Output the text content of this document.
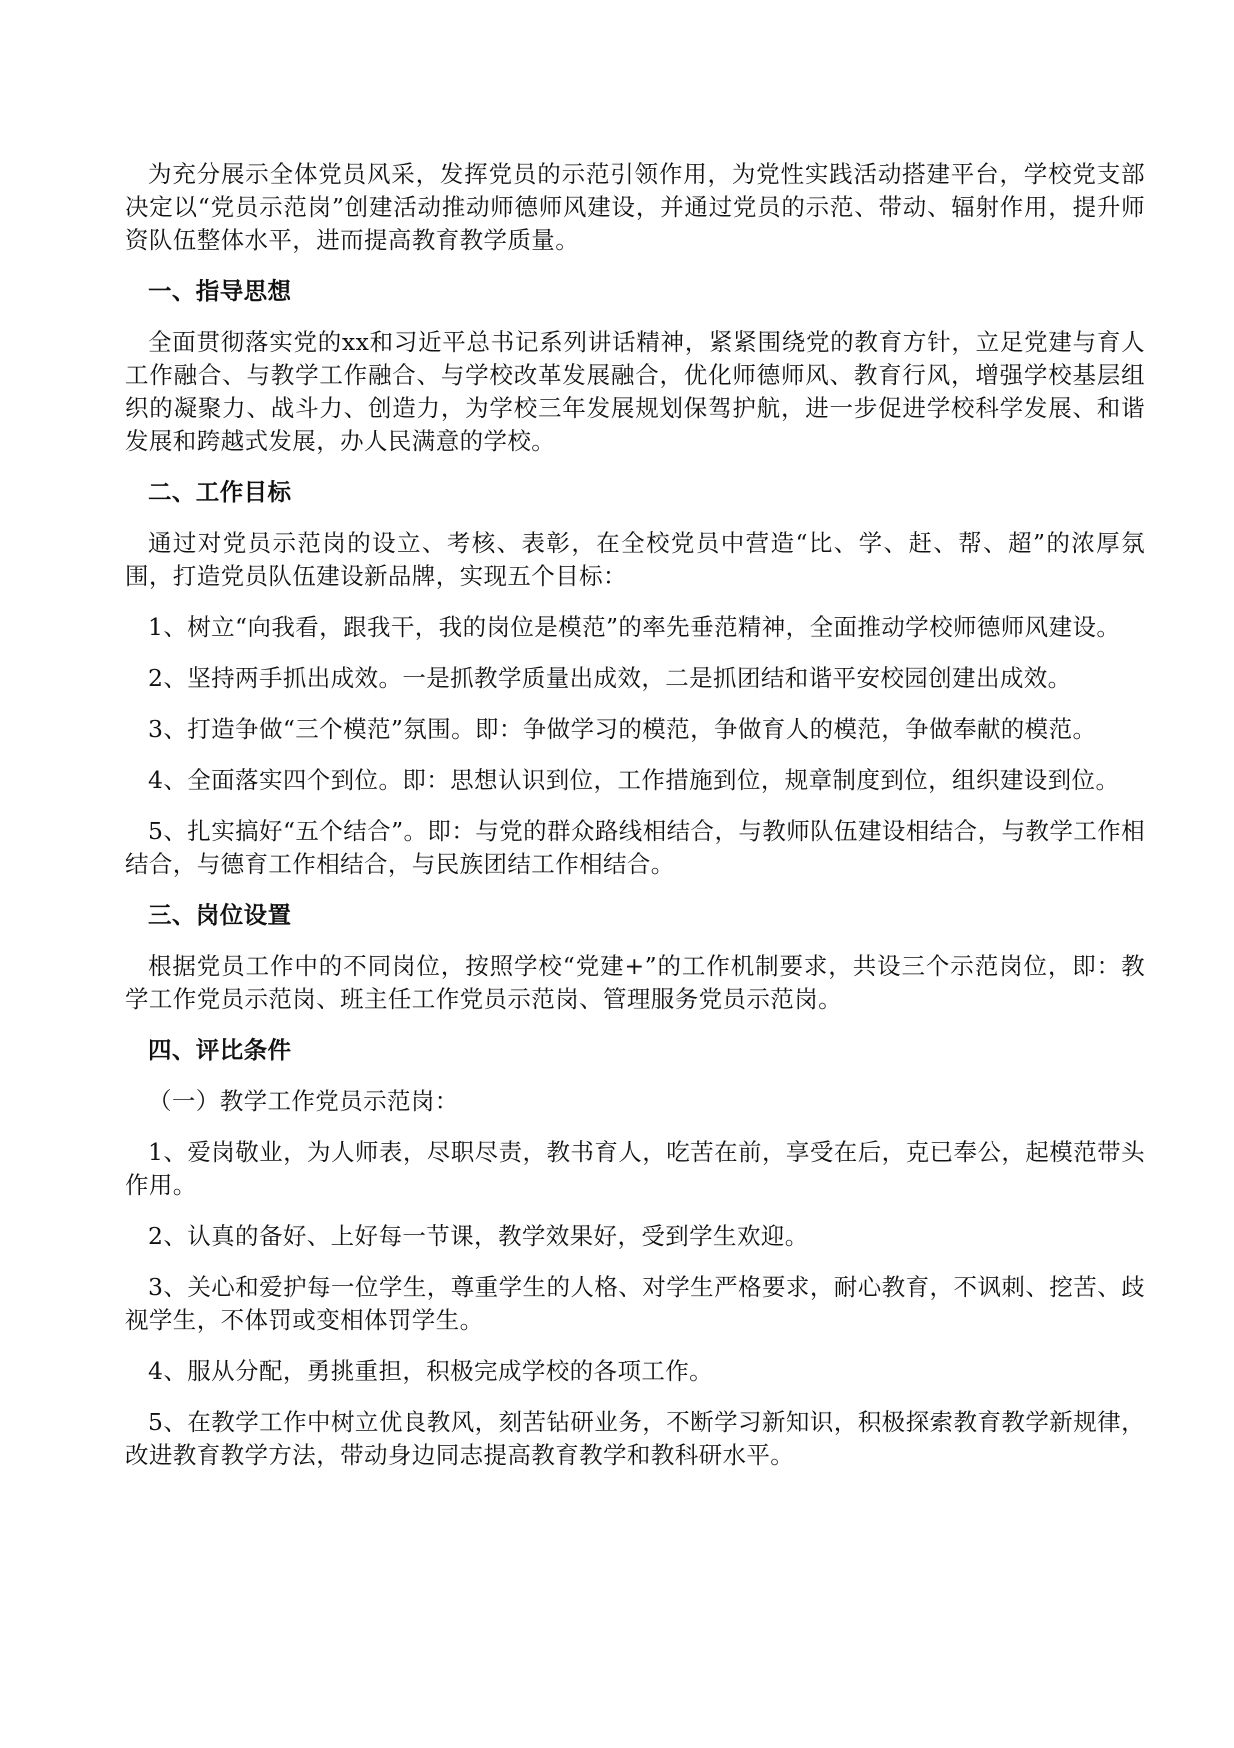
为充分展示全体党员风采，发挥党员的示范引领作用，为党性实践活动搭建平台，学校党支部决定以“党员示范岗”创建活动推动师德师风建设，并通过党员的示范、带动、辐射作用，提升师资队伍整体水平，进而提高教育教学质量。

一、指导思想

全面贯彻落实党的xx和习近平总书记系列讲话精神，紧紧围绕党的教育方针，立足党建与育人工作融合、与教学工作融合、与学校改革发展融合，优化师德师风、教育行风，增强学校基层组织的凝聚力、战斗力、创造力，为学校三年发展规划保驾护航，进一步促进学校科学发展、和谐发展和跨越式发展，办人民满意的学校。

二、工作目标

通过对党员示范岗的设立、考核、表彰，在全校党员中营造“比、学、赶、帮、超”的浓厚氛围，打造党员队伍建设新品牌，实现五个目标：

1、树立“向我看，跟我干，我的岗位是模范”的率先垂范精神，全面推动学校师德师风建设。

2、坚持两手抓出成效。一是抓教学质量出成效，二是抓团结和谐平安校园创建出成效。

3、打造争做“三个模范”氛围。即：争做学习的模范，争做育人的模范，争做奉献的模范。

4、全面落实四个到位。即：思想认识到位，工作措施到位，规章制度到位，组织建设到位。

5、扎实搞好“五个结合”。即：与党的群众路线相结合，与教师队伍建设相结合，与教学工作相结合，与德育工作相结合，与民族团结工作相结合。

三、岗位设置

根据党员工作中的不同岗位，按照学校“党建+”的工作机制要求，共设三个示范岗位，即：教学工作党员示范岗、班主任工作党员示范岗、管理服务党员示范岗。

四、评比条件

（一）教学工作党员示范岗：

1、爱岗敬业，为人师表，尽职尽责，教书育人，吃苦在前，享受在后，克已奉公，起模范带头作用。

2、认真的备好、上好每一节课，教学效果好，受到学生欢迎。

3、关心和爱护每一位学生，尊重学生的人格、对学生严格要求，耐心教育，不讽刺、挖苦、歧视学生，不体罚或变相体罚学生。

4、服从分配，勇挑重担，积极完成学校的各项工作。

5、在教学工作中树立优良教风，刻苦钻研业务，不断学习新知识，积极探索教育教学新规律，改进教育教学方法，带动身边同志提高教育教学和教科研水平。
